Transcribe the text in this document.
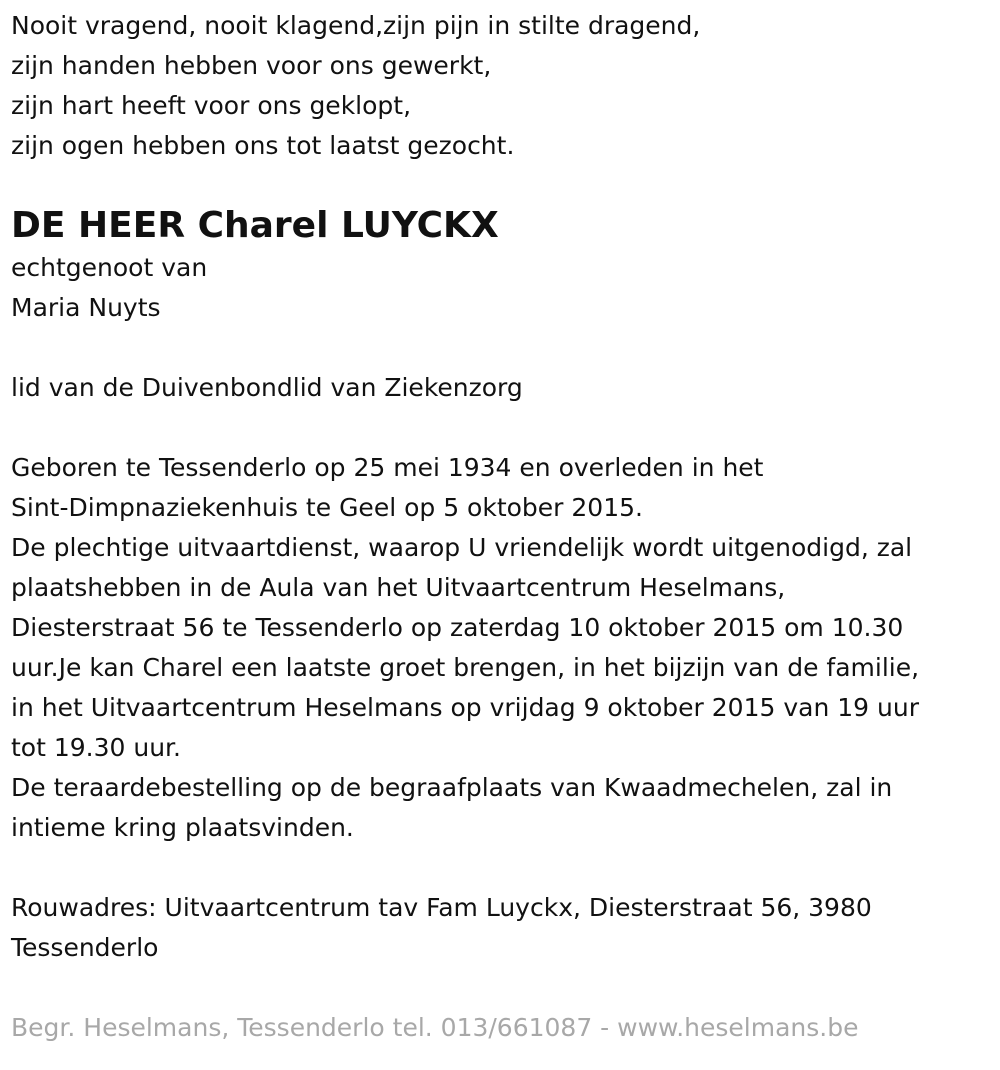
Nooit vragend, nooit klagend,zijn pijn in stilte dragend,

zijn handen hebben voor ons gewerkt,

zijn hart heeft voor ons geklopt,

zijn ogen hebben ons tot laatst gezocht.

DE HEER Charel LUYCKX

echtgenoot van

Maria Nuyts

lid van de Duivenbondlid van Ziekenzorg

Geboren te Tessenderlo op 25 mei 1934 en overleden in het

Sint-Dimpnaziekenhuis te Geel op 5 oktober 2015.

De plechtige uitvaartdienst, waarop U vriendelijk wordt uitgenodigd, zal

plaatshebben in de Aula van het Uitvaartcentrum Heselmans,

Diesterstraat 56 te Tessenderlo op zaterdag 10 oktober 2015 om 10.30

uur.Je kan Charel een laatste groet brengen, in het bijzijn van de familie,

in het Uitvaartcentrum Heselmans op vrijdag 9 oktober 2015 van 19 uur

tot 19.30 uur.

De teraardebestelling op de begraafplaats van Kwaadmechelen, zal in

intieme kring plaatsvinden.

Rouwadres: Uitvaartcentrum tav Fam Luyckx, Diesterstraat 56, 3980

Tessenderlo

Begr. Heselmans, Tessenderlo tel. 013/661087 - www.heselmans.be
